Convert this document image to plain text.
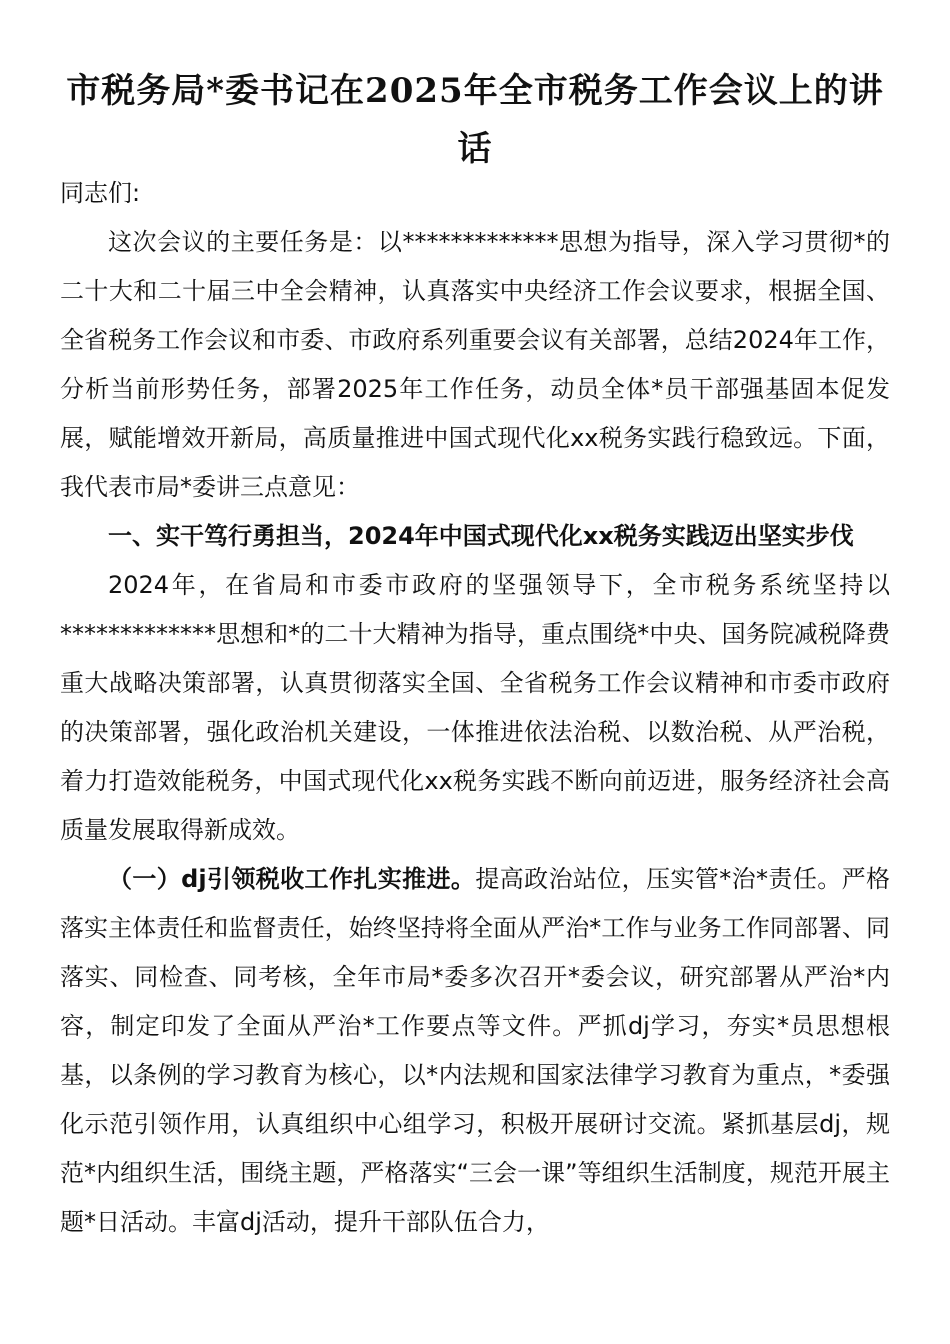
市税务局*委书记在2025年全市税务工作会议上的讲话

同志们:

这次会议的主要任务是：以*************思想为指导，深入学习贯彻*的二十大和二十届三中全会精神，认真落实中央经济工作会议要求，根据全国、全省税务工作会议和市委、市政府系列重要会议有关部署，总结2024年工作，分析当前形势任务，部署2025年工作任务，动员全体*员干部强基固本促发展，赋能增效开新局，高质量推进中国式现代化xx税务实践行稳致远。下面，我代表市局*委讲三点意见：

一、实干笃行勇担当，2024年中国式现代化xx税务实践迈出坚实步伐

2024年，在省局和市委市政府的坚强领导下，全市税务系统坚持以*************思想和*的二十大精神为指导，重点围绕*中央、国务院减税降费重大战略决策部署，认真贯彻落实全国、全省税务工作会议精神和市委市政府的决策部署，强化政治机关建设，一体推进依法治税、以数治税、从严治税，着力打造效能税务，中国式现代化xx税务实践不断向前迈进，服务经济社会高质量发展取得新成效。

（一）dj引领税收工作扎实推进。提高政治站位，压实管*治*责任。严格落实主体责任和监督责任，始终坚持将全面从严治*工作与业务工作同部署、同落实、同检查、同考核，全年市局*委多次召开*委会议，研究部署从严治*内容，制定印发了全面从严治*工作要点等文件。严抓dj学习，夯实*员思想根基，以条例的学习教育为核心，以*内法规和国家法律学习教育为重点，*委强化示范引领作用，认真组织中心组学习，积极开展研讨交流。紧抓基层dj，规范*内组织生活，围绕主题，严格落实“三会一课”等组织生活制度，规范开展主题*日活动。丰富dj活动，提升干部队伍合力，
